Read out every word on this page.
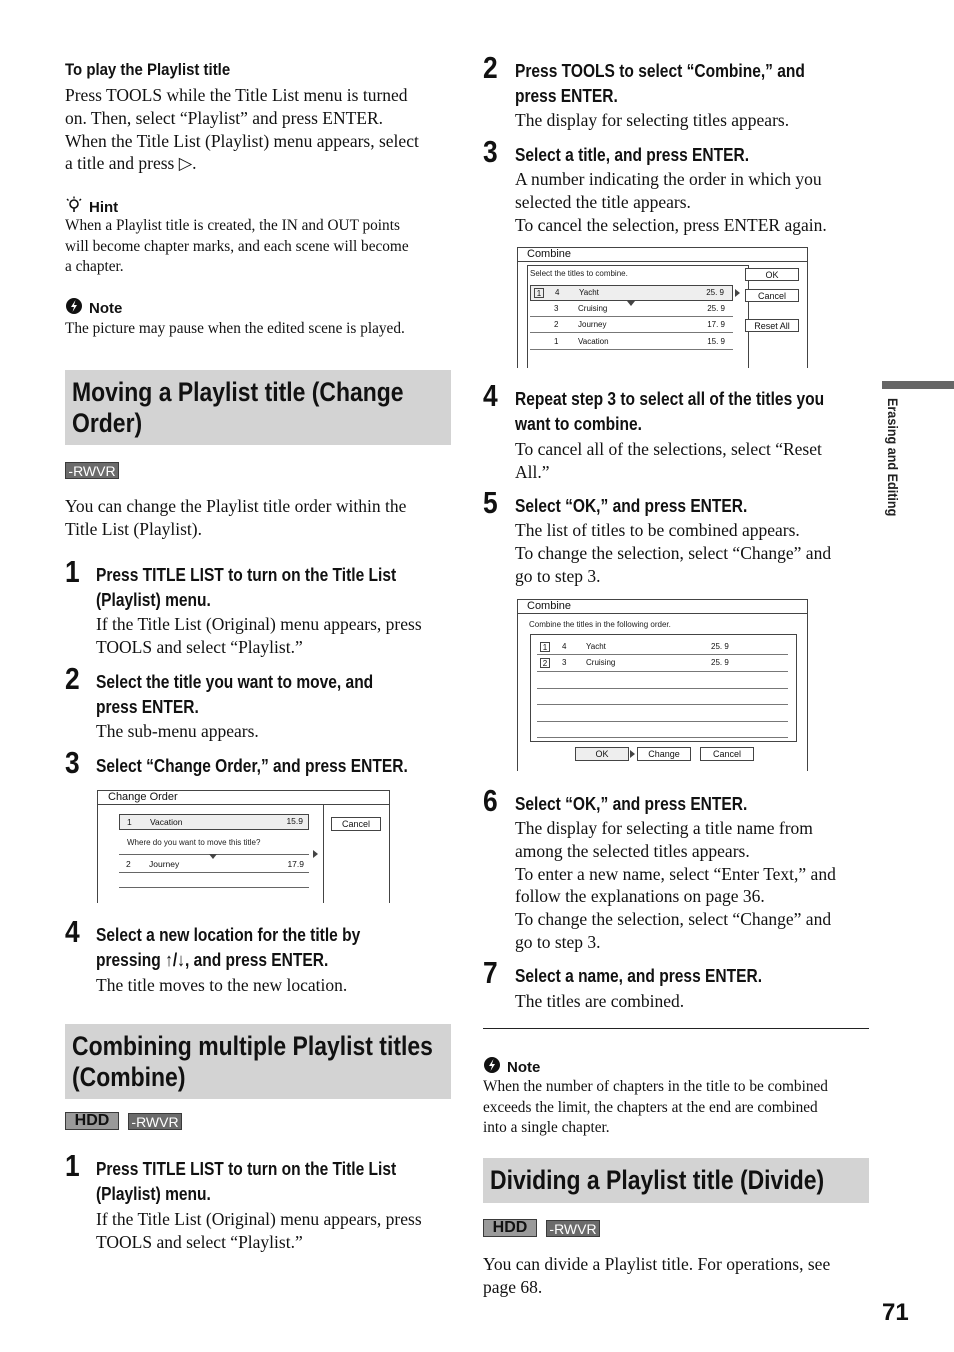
To play the Playlist title
Press TOOLS while the Title List menu is turned
on. Then, select “Playlist” and press ENTER.
When the Title List (Playlist) menu appears, select
a title and press ▷.
Hint
When a Playlist title is created, the IN and OUT points
will become chapter marks, and each scene will become
a chapter.
Note
The picture may pause when the edited scene is played.
Moving a Playlist title (Change
Order)
-RWVR
You can change the Playlist title order within the
Title List (Playlist).
1 Press TITLE LIST to turn on the Title List
(Playlist) menu.
If the Title List (Original) menu appears, press
TOOLS and select “Playlist.”
2 Select the title you want to move, and
press ENTER.
The sub-menu appears.
3 Select “Change Order,” and press ENTER.
Change Order
1 Vacation	15.9
Where do you want to move this title?
2 Journey	17.9
Cancel
4 Select a new location for the title by
pressing ↑/↓, and press ENTER.
The title moves to the new location.
Combining multiple Playlist titles
(Combine)
HDD	-RWVR
1 Press TITLE LIST to turn on the Title List
(Playlist) menu.
If the Title List (Original) menu appears, press
TOOLS and select “Playlist.”
2 Press TOOLS to select “Combine,” and
press ENTER.
The display for selecting titles appears.
3 Select a title, and press ENTER.
A number indicating the order in which you
selected the title appears.
To cancel the selection, press ENTER again.
Combine
Select the titles to combine.
1	4 Yacht	25. 9
3 Cruising	25. 9
2 Journey	17. 9
1 Vacation	15. 9
OK
Cancel
Reset All
4 Repeat step 3 to select all of the titles you
want to combine.
To cancel all of the selections, select “Reset
All.”
5 Select “OK,” and press ENTER.
The list of titles to be combined appears.
To change the selection, select “Change” and
go to step 3.
Combine
Combine the titles in the following order.
1	4 Yacht	25. 9
2	3 Cruising	25. 9
OK	Change	Cancel
6 Select “OK,” and press ENTER.
The display for selecting a title name from
among the selected titles appears.
To enter a new name, select “Enter Text,” and
follow the explanations on page 36.
To change the selection, select “Change” and
go to step 3.
7 Select a name, and press ENTER.
The titles are combined.
Note
When the number of chapters in the title to be combined
exceeds the limit, the chapters at the end are combined
into a single chapter.
Dividing a Playlist title (Divide)
HDD	-RWVR
You can divide a Playlist title. For operations, see
page 68.
Erasing and Editing
71
